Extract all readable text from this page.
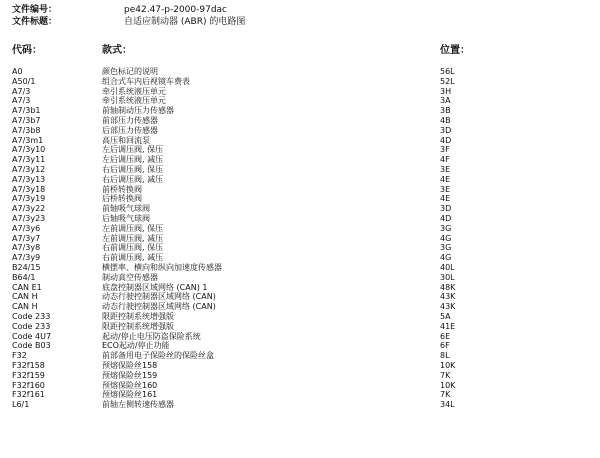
文件编号：	pe42.47-p-2000-97dac
文件标题：	自适应制动器 (ABR) 的电路图
代码：	款式：	位置：
A0	颜色标记的说明	56L
A50/1	组合式车内后视镜车费表	52L
A7/3	牵引系统液压单元	3H
A7/3	牵引系统液压单元	3A
A7/3b1	前轴制动压力传感器	3B
A7/3b7	前部压力传感器	4B
A7/3b8	后部压力传感器	3D
A7/3m1	高压和回流泵	4D
A7/3y10	左后调压阀, 保压	3F
A7/3y11	左后调压阀, 减压	4F
A7/3y12	右后调压阀, 保压	3E
A7/3y13	右后调压阀, 减压	4E
A7/3y18	前桥转换阀	3E
A7/3y19	后桥转换阀	4E
A7/3y22	前轴吸气球阀	3D
A7/3y23	后轴吸气球阀	4D
A7/3y6	左前调压阀, 保压	3G
A7/3y7	左前调压阀, 减压	4G
A7/3y8	右前调压阀, 保压	3G
A7/3y9	右前调压阀, 减压	4G
B24/15	横摆率、横向和纵向加速度传感器	40L
B64/1	制动真空传感器	30L
CAN E1	底盘控制器区域网络 (CAN) 1	48K
CAN H	动态行驶控制器区域网络 (CAN)	43K
CAN H	动态行驶控制器区域网络 (CAN)	43K
Code 233	限距控制系统增强版	5A
Code 233	限距控制系统增强版	41E
Code 4U7	起动/停止电压防盗保险系统	6E
Code B03	ECO起动/停止功能	6F
F32	前部备用电子保险丝的保险丝盒	8L
F32f158	预熔保险丝158	10K
F32f159	预熔保险丝159	7K
F32f160	预熔保险丝160	10K
F32f161	预熔保险丝161	7K
L6/1	前轴左侧转速传感器	34L
